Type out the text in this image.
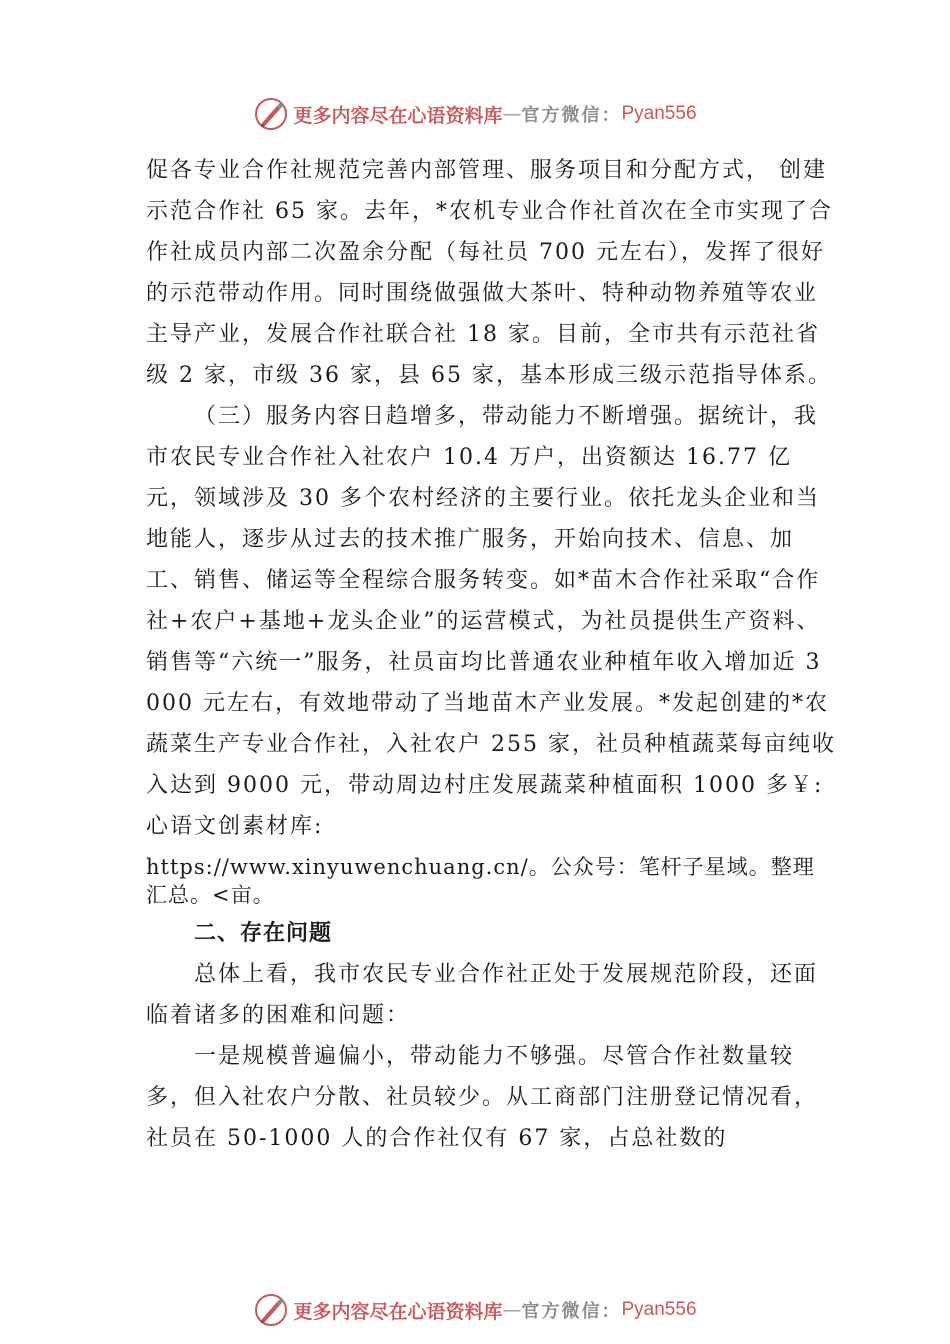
更多内容尽在心语资料库 — 官方微信： Pyan556

促各专业合作社规范完善内部管理、服务项目和分配方式， 创建示范合作社 65 家。去年，*农机专业合作社首次在全市实现了合作社成员内部二次盈余分配（每社员 700 元左右），发挥了很好的示范带动作用。同时围绕做强做大茶叶、特种动物养殖等农业主导产业，发展合作社联合社 18 家。目前，全市共有示范社省级 2 家，市级 36 家，县 65 家，基本形成三级示范指导体系。

（三）服务内容日趋增多，带动能力不断增强。据统计，我市农民专业合作社入社农户 10.4 万户，出资额达 16.77 亿元，领域涉及 30 多个农村经济的主要行业。依托龙头企业和当地能人，逐步从过去的技术推广服务，开始向技术、信息、加工、销售、储运等全程综合服务转变。如*苗木合作社采取“合作社+农户+基地+龙头企业”的运营模式，为社员提供生产资料、销售等“六统一”服务，社员亩均比普通农业种植年收入增加近 3000 元左右，有效地带动了当地苗木产业发展。*发起创建的*农蔬菜生产专业合作社，入社农户 255 家，社员种植蔬菜每亩纯收入达到 9000 元，带动周边村庄发展蔬菜种植面积 1000 多￥:心语文创素材库:

https://www.xinyuwenchuang.cn/。公众号：笔杆子星域。整理汇总。<亩。

二、存在问题

总体上看，我市农民专业合作社正处于发展规范阶段，还面临着诸多的困难和问题：

一是规模普遍偏小，带动能力不够强。尽管合作社数量较多，但入社农户分散、社员较少。从工商部门注册登记情况看，社员在 50-1000 人的合作社仅有 67 家，占总社数的

更多内容尽在心语资料库 — 官方微信： Pyan556
